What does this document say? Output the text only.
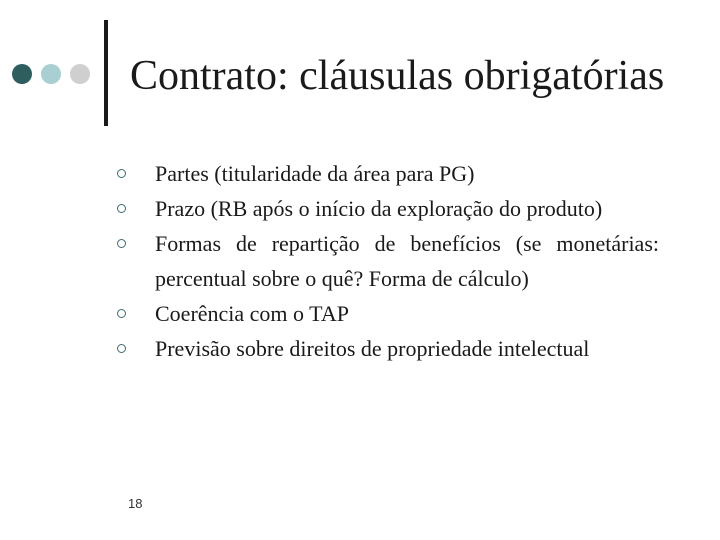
Contrato: cláusulas obrigatórias
Partes (titularidade da área para PG)
Prazo (RB após o início da exploração do produto)
Formas de repartição de benefícios (se monetárias: percentual sobre o quê? Forma de cálculo)
Coerência com o TAP
Previsão sobre direitos de propriedade intelectual
18
